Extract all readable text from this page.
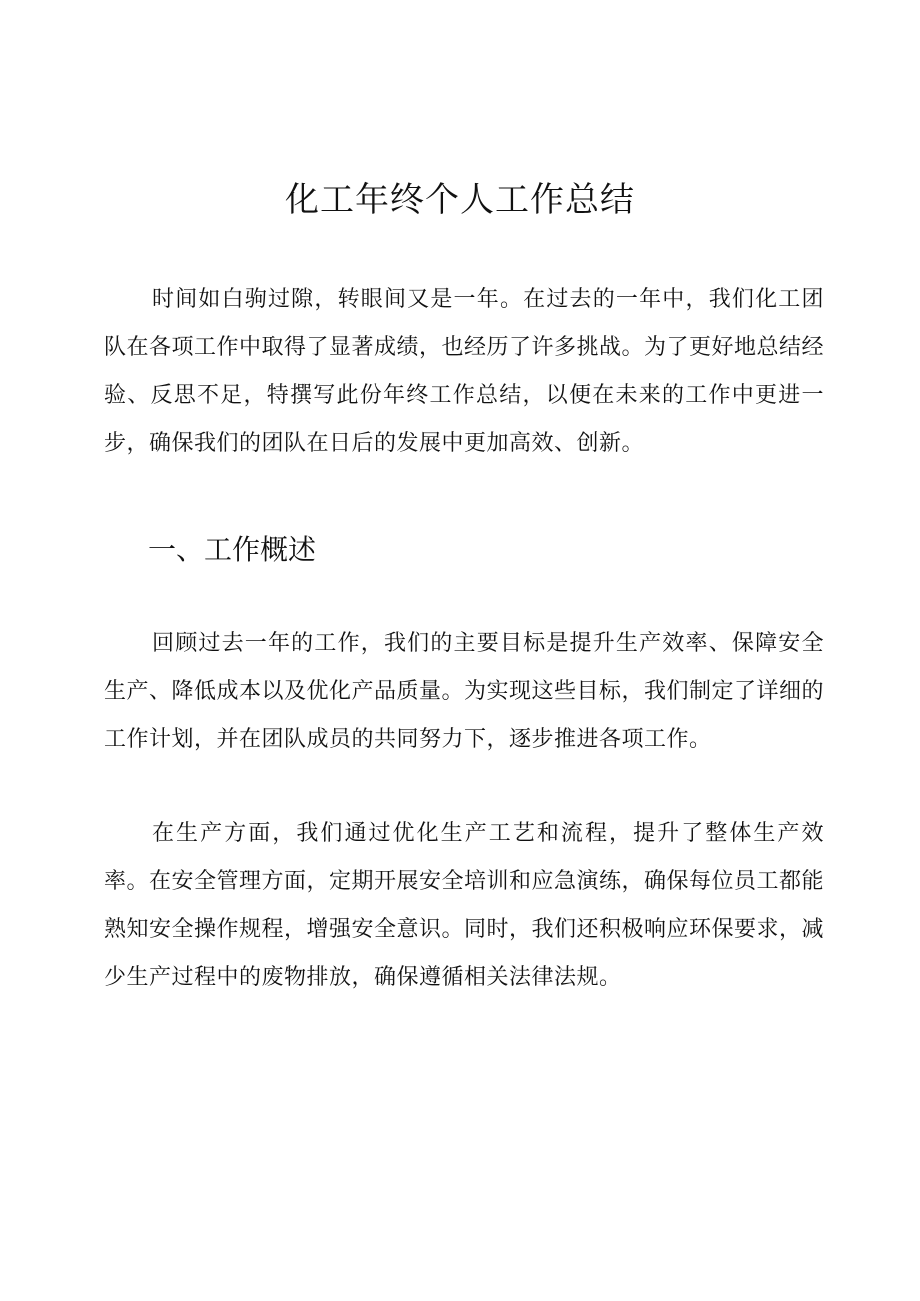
化工年终个人工作总结

时间如白驹过隙，转眼间又是一年。在过去的一年中，我们化工团队在各项工作中取得了显著成绩，也经历了许多挑战。为了更好地总结经验、反思不足，特撰写此份年终工作总结，以便在未来的工作中更进一步，确保我们的团队在日后的发展中更加高效、创新。

一、工作概述

回顾过去一年的工作，我们的主要目标是提升生产效率、保障安全生产、降低成本以及优化产品质量。为实现这些目标，我们制定了详细的工作计划，并在团队成员的共同努力下，逐步推进各项工作。

在生产方面，我们通过优化生产工艺和流程，提升了整体生产效率。在安全管理方面，定期开展安全培训和应急演练，确保每位员工都能熟知安全操作规程，增强安全意识。同时，我们还积极响应环保要求，减少生产过程中的废物排放，确保遵循相关法律法规。
